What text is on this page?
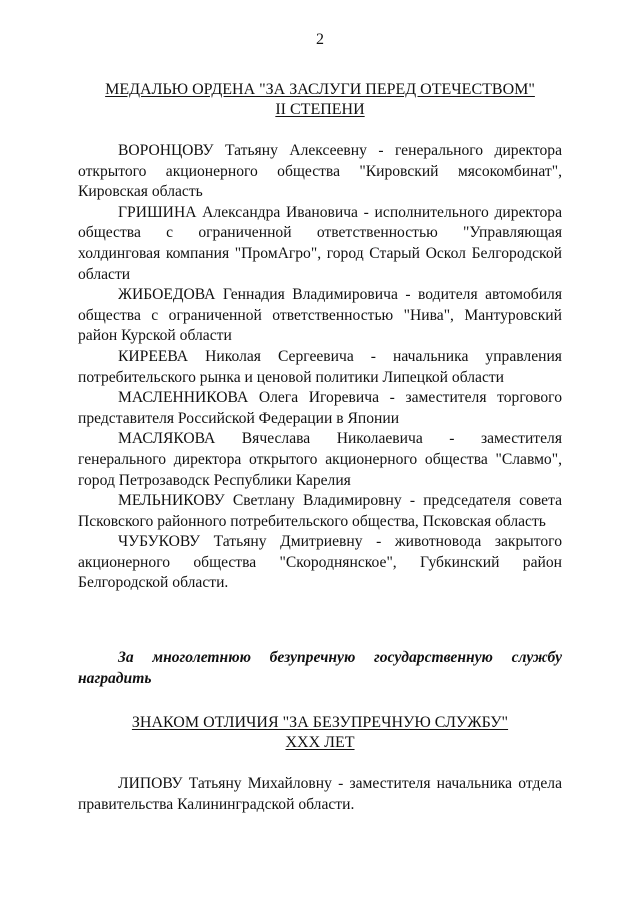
2
МЕДАЛЬЮ ОРДЕНА "ЗА ЗАСЛУГИ ПЕРЕД ОТЕЧЕСТВОМ"
II СТЕПЕНИ

ВОРОНЦОВУ Татьяну Алексеевну - генерального директора открытого акционерного общества "Кировский мясокомбинат", Кировская область

ГРИШИНА Александра Ивановича - исполнительного директора общества с ограниченной ответственностью "Управляющая холдинговая компания "ПромАгро", город Старый Оскол Белгородской области

ЖИБОЕДОВА Геннадия Владимировича - водителя автомобиля общества с ограниченной ответственностью "Нива", Мантуровский район Курской области

КИРЕЕВА Николая Сергеевича - начальника управления потребительского рынка и ценовой политики Липецкой области

МАСЛЕННИКОВА Олега Игоревича - заместителя торгового представителя Российской Федерации в Японии

МАСЛЯКОВА Вячеслава Николаевича - заместителя генерального директора открытого акционерного общества "Славмо", город Петрозаводск Республики Карелия

МЕЛЬНИКОВУ Светлану Владимировну - председателя совета Псковского районного потребительского общества, Псковская область

ЧУБУКОВУ Татьяну Дмитриевну - животновода закрытого акционерного общества "Скороднянское", Губкинский район Белгородской области.

За многолетнюю безупречную государственную службу наградить

ЗНАКОМ ОТЛИЧИЯ "ЗА БЕЗУПРЕЧНУЮ СЛУЖБУ"
XXX ЛЕТ

ЛИПОВУ Татьяну Михайловну - заместителя начальника отдела правительства Калининградской области.
